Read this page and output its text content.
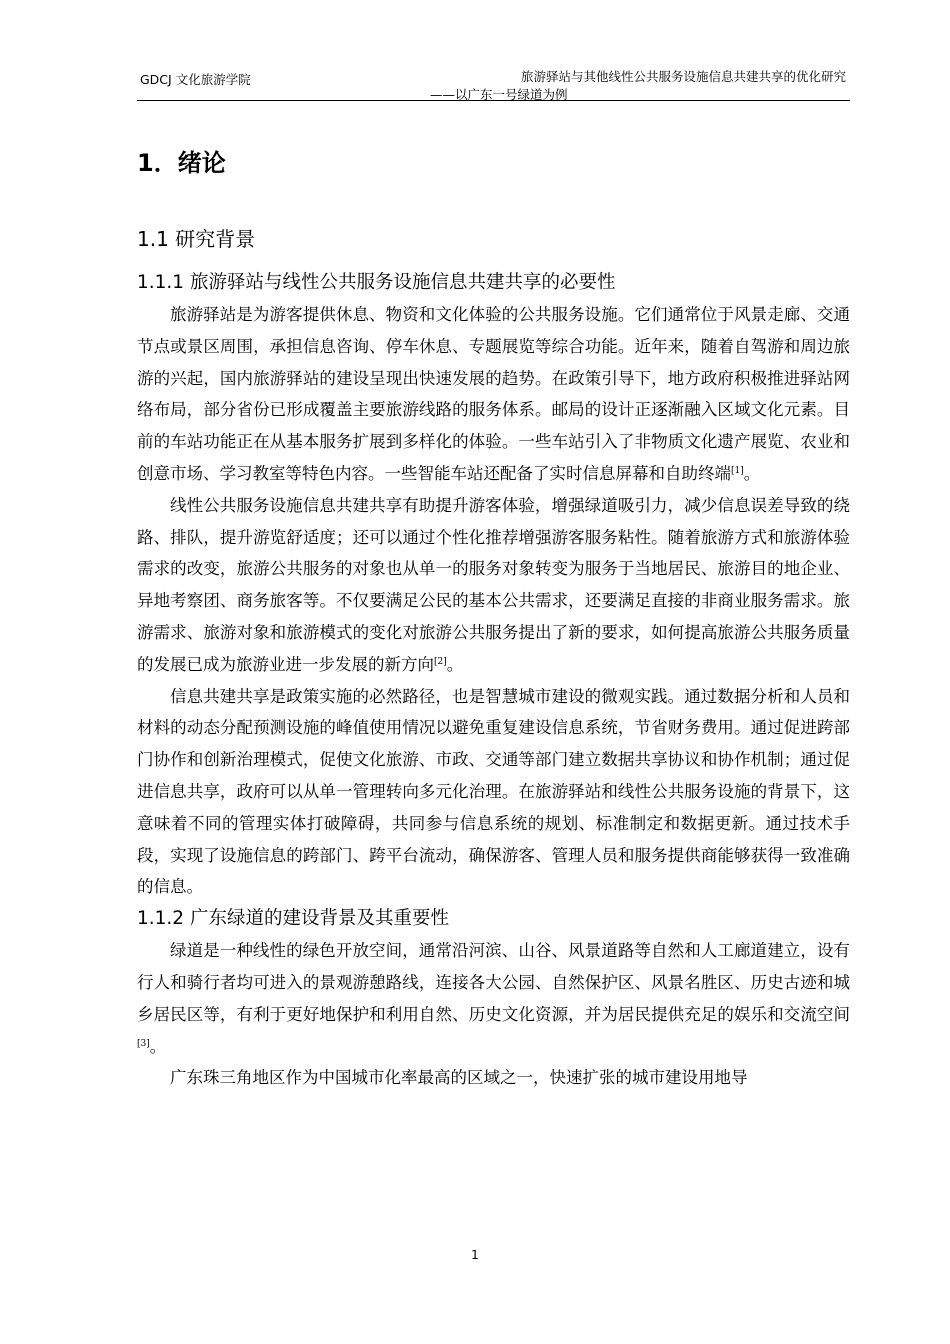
GDCJ 文化旅游学院	旅游驿站与其他线性公共服务设施信息共建共享的优化研究
——以广东一号绿道为例
1．绪论
1.1 研究背景
1.1.1 旅游驿站与线性公共服务设施信息共建共享的必要性

旅游驿站是为游客提供休息、物资和文化体验的公共服务设施。它们通常位于风景走廊、交通节点或景区周围，承担信息咨询、停车休息、专题展览等综合功能。近年来，随着自驾游和周边旅游的兴起，国内旅游驿站的建设呈现出快速发展的趋势。在政策引导下，地方政府积极推进驿站网络布局，部分省份已形成覆盖主要旅游线路的服务体系。邮局的设计正逐渐融入区域文化元素。目前的车站功能正在从基本服务扩展到多样化的体验。一些车站引入了非物质文化遗产展览、农业和创意市场、学习教室等特色内容。一些智能车站还配备了实时信息屏幕和自助终端[1]。

线性公共服务设施信息共建共享有助提升游客体验，增强绿道吸引力，减少信息误差导致的绕路、排队，提升游览舒适度；还可以通过个性化推荐增强游客服务粘性。随着旅游方式和旅游体验需求的改变，旅游公共服务的对象也从单一的服务对象转变为服务于当地居民、旅游目的地企业、异地考察团、商务旅客等。不仅要满足公民的基本公共需求，还要满足直接的非商业服务需求。旅游需求、旅游对象和旅游模式的变化对旅游公共服务提出了新的要求，如何提高旅游公共服务质量的发展已成为旅游业进一步发展的新方向[2]。

信息共建共享是政策实施的必然路径，也是智慧城市建设的微观实践。通过数据分析和人员和材料的动态分配预测设施的峰值使用情况以避免重复建设信息系统，节省财务费用。通过促进跨部门协作和创新治理模式，促使文化旅游、市政、交通等部门建立数据共享协议和协作机制；通过促进信息共享，政府可以从单一管理转向多元化治理。在旅游驿站和线性公共服务设施的背景下，这意味着不同的管理实体打破障碍，共同参与信息系统的规划、标准制定和数据更新。通过技术手段，实现了设施信息的跨部门、跨平台流动，确保游客、管理人员和服务提供商能够获得一致准确的信息。

1.1.2 广东绿道的建设背景及其重要性

绿道是一种线性的绿色开放空间，通常沿河滨、山谷、风景道路等自然和人工廊道建立，设有行人和骑行者均可进入的景观游憩路线，连接各大公园、自然保护区、风景名胜区、历史古迹和城乡居民区等，有利于更好地保护和利用自然、历史文化资源，并为居民提供充足的娱乐和交流空间[3]。

广东珠三角地区作为中国城市化率最高的区域之一，快速扩张的城市建设用地导

1
